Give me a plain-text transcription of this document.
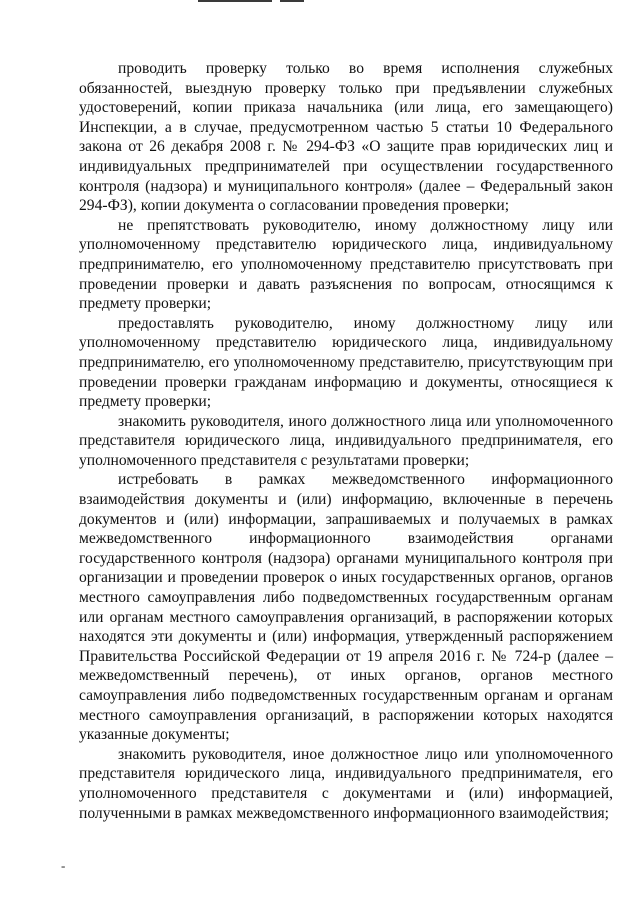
проводить проверку только во время исполнения служебных обязанностей, выездную проверку только при предъявлении служебных удостоверений, копии приказа начальника (или лица, его замещающего) Инспекции, а в случае, предусмотренном частью 5 статьи 10 Федерального закона от 26 декабря 2008 г. № 294-ФЗ «О защите прав юридических лиц и индивидуальных предпринимателей при осуществлении государственного контроля (надзора) и муниципального контроля» (далее – Федеральный закон 294-ФЗ), копии документа о согласовании проведения проверки;

не препятствовать руководителю, иному должностному лицу или уполномоченному представителю юридического лица, индивидуальному предпринимателю, его уполномоченному представителю присутствовать при проведении проверки и давать разъяснения по вопросам, относящимся к предмету проверки;

предоставлять руководителю, иному должностному лицу или уполномоченному представителю юридического лица, индивидуальному предпринимателю, его уполномоченному представителю, присутствующим при проведении проверки гражданам информацию и документы, относящиеся к предмету проверки;

знакомить руководителя, иного должностного лица или уполномоченного представителя юридического лица, индивидуального предпринимателя, его уполномоченного представителя с результатами проверки;

истребовать в рамках межведомственного информационного взаимодействия документы и (или) информацию, включенные в перечень документов и (или) информации, запрашиваемых и получаемых в рамках межведомственного информационного взаимодействия органами государственного контроля (надзора) органами муниципального контроля при организации и проведении проверок о иных государственных органов, органов местного самоуправления либо подведомственных государственным органам или органам местного самоуправления организаций, в распоряжении которых находятся эти документы и (или) информация, утвержденный распоряжением Правительства Российской Федерации от 19 апреля 2016 г. № 724-р (далее – межведомственный перечень), от иных органов, органов местного самоуправления либо подведомственных государственным органам и органам местного самоуправления организаций, в распоряжении которых находятся указанные документы;

знакомить руководителя, иное должностное лицо или уполномоченного представителя юридического лица, индивидуального предпринимателя, его уполномоченного представителя с документами и (или) информацией, полученными в рамках межведомственного информационного взаимодействия;

-
